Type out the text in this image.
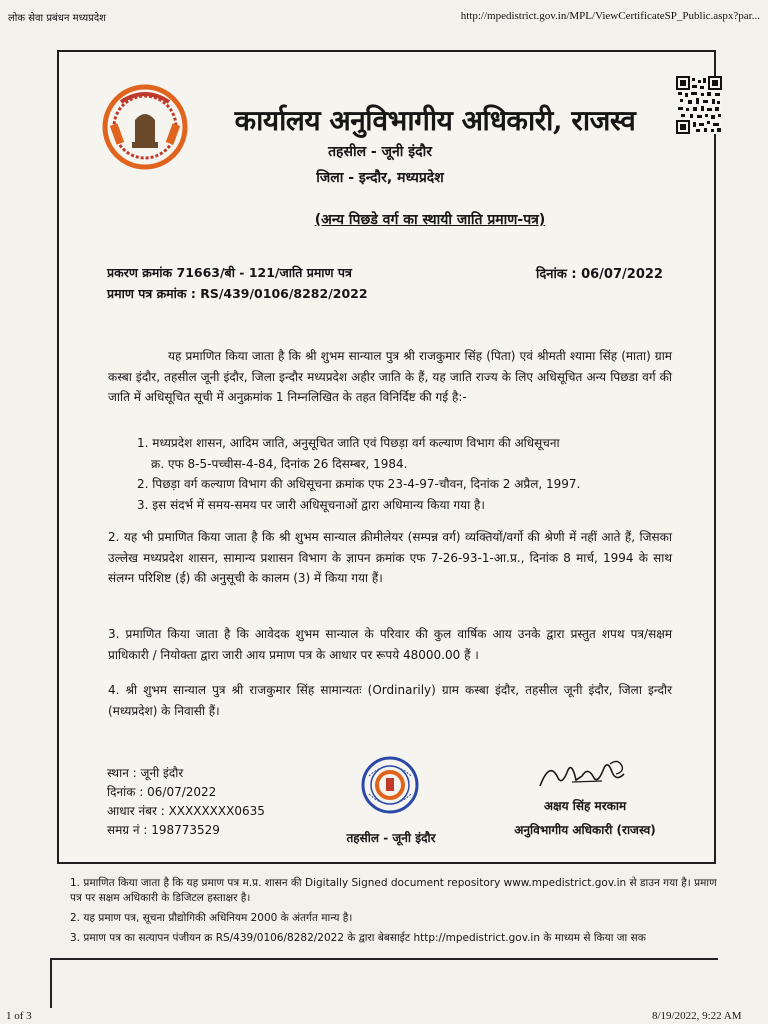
लोक सेवा प्रबंधन मध्यप्रदेश	http://mpedistrict.gov.in/MPL/ViewCertificateSP_Public.aspx?par...
कार्यालय अनुविभागीय अधिकारी, राजस्व
तहसील - जूनी इंदौर
जिला - इन्दौर, मध्यप्रदेश
(अन्य पिछडे वर्ग का स्थायी जाति प्रमाण-पत्र)
प्रकरण क्रमांक 71663/बी - 121/जाति प्रमाण पत्र
प्रमाण पत्र क्रमांक : RS/439/0106/8282/2022
दिनांक : 06/07/2022
यह प्रमाणित किया जाता है कि श्री शुभम सान्याल पुत्र श्री राजकुमार सिंह (पिता) एवं श्रीमती श्यामा सिंह (माता) ग्राम कस्बा इंदौर, तहसील जूनी इंदौर, जिला इन्दौर मध्यप्रदेश अहीर जाति के हैं, यह जाति राज्य के लिए अधिसूचित अन्य पिछडा वर्ग की जाति में अधिसूचित सूची में अनुक्रमांक 1 निम्नलिखित के तहत विनिर्दिष्ट की गई है:-
1. मध्यप्रदेश शासन, आदिम जाति, अनुसूचित जाति एवं पिछड़ा वर्ग कल्याण विभाग की अधिसूचना
क्र. एफ 8-5-पच्चीस-4-84, दिनांक 26 दिसम्बर, 1984.
2. पिछड़ा वर्ग कल्याण विभाग की अधिसूचना क्रमांक एफ 23-4-97-चौवन, दिनांक 2 अप्रैल, 1997.
3. इस संदर्भ में समय-समय पर जारी अधिसूचनाओं द्वारा अधिमान्य किया गया है।
2. यह भी प्रमाणित किया जाता है कि श्री शुभम सान्याल क्रीमीलेयर (सम्पन्न वर्ग) व्यक्तियों/वर्गो की श्रेणी में नहीं आते हैं, जिसका उल्लेख मध्यप्रदेश शासन, सामान्य प्रशासन विभाग के ज्ञापन क्रमांक एफ 7-26-93-1-आ.प्र., दिनांक 8 मार्च, 1994 के साथ संलग्न परिशिष्ट (ई) की अनुसूची के कालम (3) में किया गया हैं।
3. प्रमाणित किया जाता है कि आवेदक शुभम सान्याल के परिवार की कुल वार्षिक आय उनके द्वारा प्रस्तुत शपथ पत्र/सक्षम प्राधिकारी / नियोक्ता द्वारा जारी आय प्रमाण पत्र के आधार पर रूपये 48000.00 हैं ।
4. श्री शुभम सान्याल पुत्र श्री राजकुमार सिंह सामान्यतः (Ordinarily) ग्राम कस्बा इंदौर, तहसील जूनी इंदौर, जिला इन्दौर (मध्यप्रदेश) के निवासी हैं।
स्थान : जूनी इंदौर
दिनांक : 06/07/2022
आधार नंबर : XXXXXXXX0635
समग्र नं : 198773529
तहसील - जूनी इंदौर
अक्षय सिंह मरकाम
अनुविभागीय अधिकारी (राजस्व)
1. प्रमाणित किया जाता है कि यह प्रमाण पत्र म.प्र. शासन की Digitally Signed document repository www.mpedistrict.gov.in से डाउन गया है। प्रमाण पत्र पर सक्षम अधिकारी के डिजिटल हस्ताक्षर है।
2. यह प्रमाण पत्र, सूचना प्रौद्योगिकी अधिनियम 2000 के अंतर्गत मान्य है।
3. प्रमाण पत्र का सत्यापन पंजीयन क्र RS/439/0106/8282/2022 के द्वारा बेबसाईट http://mpedistrict.gov.in के माध्यम से किया जा सक
1 of 3	8/19/2022, 9:22 AM
